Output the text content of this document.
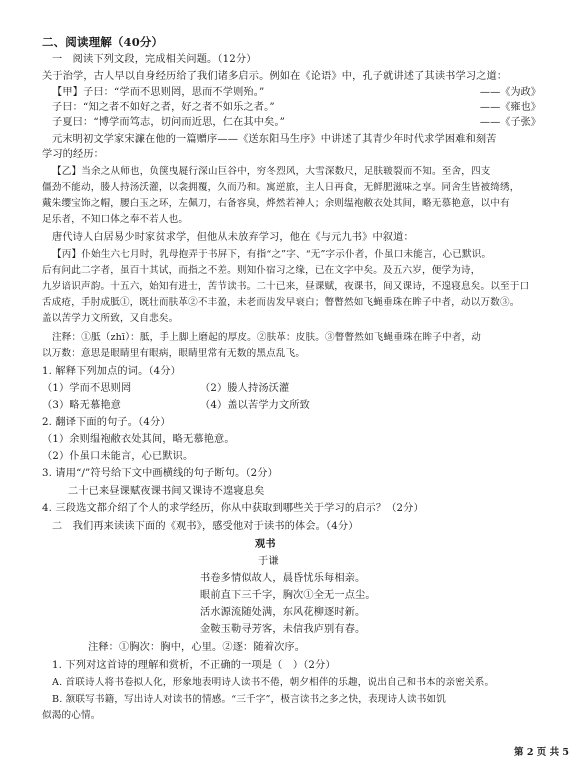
二、阅读理解（40分）
一　阅读下列文段，完成相关问题。（12分）
关于治学，古人早以自身经历给了我们诸多启示。例如在《论语》中，孔子就讲述了其读书学习之道：
【甲】子曰：“学而不思则罔，思而不学则殆。”	——《为政》
子曰：“知之者不如好之者，好之者不如乐之者。”	——《雍也》
子夏曰：“博学而笃志，切问而近思，仁在其中矣。”	——《子张》
元末明初文学家宋濂在他的一篇赠序——《送东阳马生序》中讲述了其青少年时代求学困难和刻苦
学习的经历：
【乙】当余之从师也，负箧曳屣行深山巨谷中，穷冬烈风，大雪深数尺，足肤皲裂而不知。至舍，四支
僵劲不能动，媵人持汤沃灌，以衾拥覆，久而乃和。寓逆旅，主人日再食，无鲜肥滋味之享。同舍生皆被绮绣，
戴朱缨宝饰之帽，腰白玉之环，左佩刀，右备容臭，烨然若神人；余则缊袍敝衣处其间，略无慕艳意，以中有
足乐者，不知口体之奉不若人也。
唐代诗人白居易少时家贫求学，但他从未放弃学习，他在《与元九书》中叙道：
【丙】仆始生六七月时，乳母抱弄于书屏下，有指“之”字、“无”字示仆者，仆虽口未能言，心已默识。
后有问此二字者，虽百十其试，而指之不差。则知仆宿习之缘，已在文字中矣。及五六岁，便学为诗，
九岁谙识声韵。十五六，始知有进士，苦节读书。二十已来，昼课赋，夜课书，间又课诗，不遑寝息矣。以至于口
舌成疮，手肘成胝①，既壮而肤革②不丰盈，未老而齿发早衰白；瞥瞥然如飞蝇垂珠在眸子中者，动以万数③。
盖以苦学力文所致，又自悲矣。
注释：①胝（zhī）：胝，手上脚上磨起的厚皮。②肤革：皮肤。③瞥瞥然如飞蝇垂珠在眸子中者，动
以万数：意思是眼睛里有眼病，眼睛里常有无数的黑点乱飞。
1. 解释下列加点的词。（4分）
（1）学而不思则罔	（2）媵人持汤沃灌
（3）略无慕艳意	（4）盖以苦学力文所致
2. 翻译下面的句子。（4分）
（1）余则缊袍敝衣处其间，略无慕艳意。
（2）仆虽口未能言，心已默识。
3. 请用“/”符号给下文中画横线的句子断句。（2分）
二十已来昼课赋夜课书间又课诗不遑寝息矣
4. 三段选文都介绍了个人的求学经历，你从中获取到哪些关于学习的启示？（2分）
二　我们再来读读下面的《观书》，感受他对于读书的体会。（4分）
观书
于谦
书卷多情似故人，晨昏忧乐每相亲。
眼前直下三千字，胸次①全无一点尘。
活水源流随处满，东风花柳逐时新。
金鞍玉勒寻芳客，未信我庐别有春。
注释：①胸次：胸中，心里。②逐：随着次序。
1. 下列对这首诗的理解和赏析，不正确的一项是（　）（2分）
A. 首联诗人将书卷拟人化，形象地表明诗人读书不倦，朝夕相伴的乐趣，说出自己和书本的亲密关系。
B. 颔联写书籍，写出诗人对读书的情感。“三千字”，极言读书之多之快，表现诗人读书如饥
似渴的心情。
第 2 页 共 5
